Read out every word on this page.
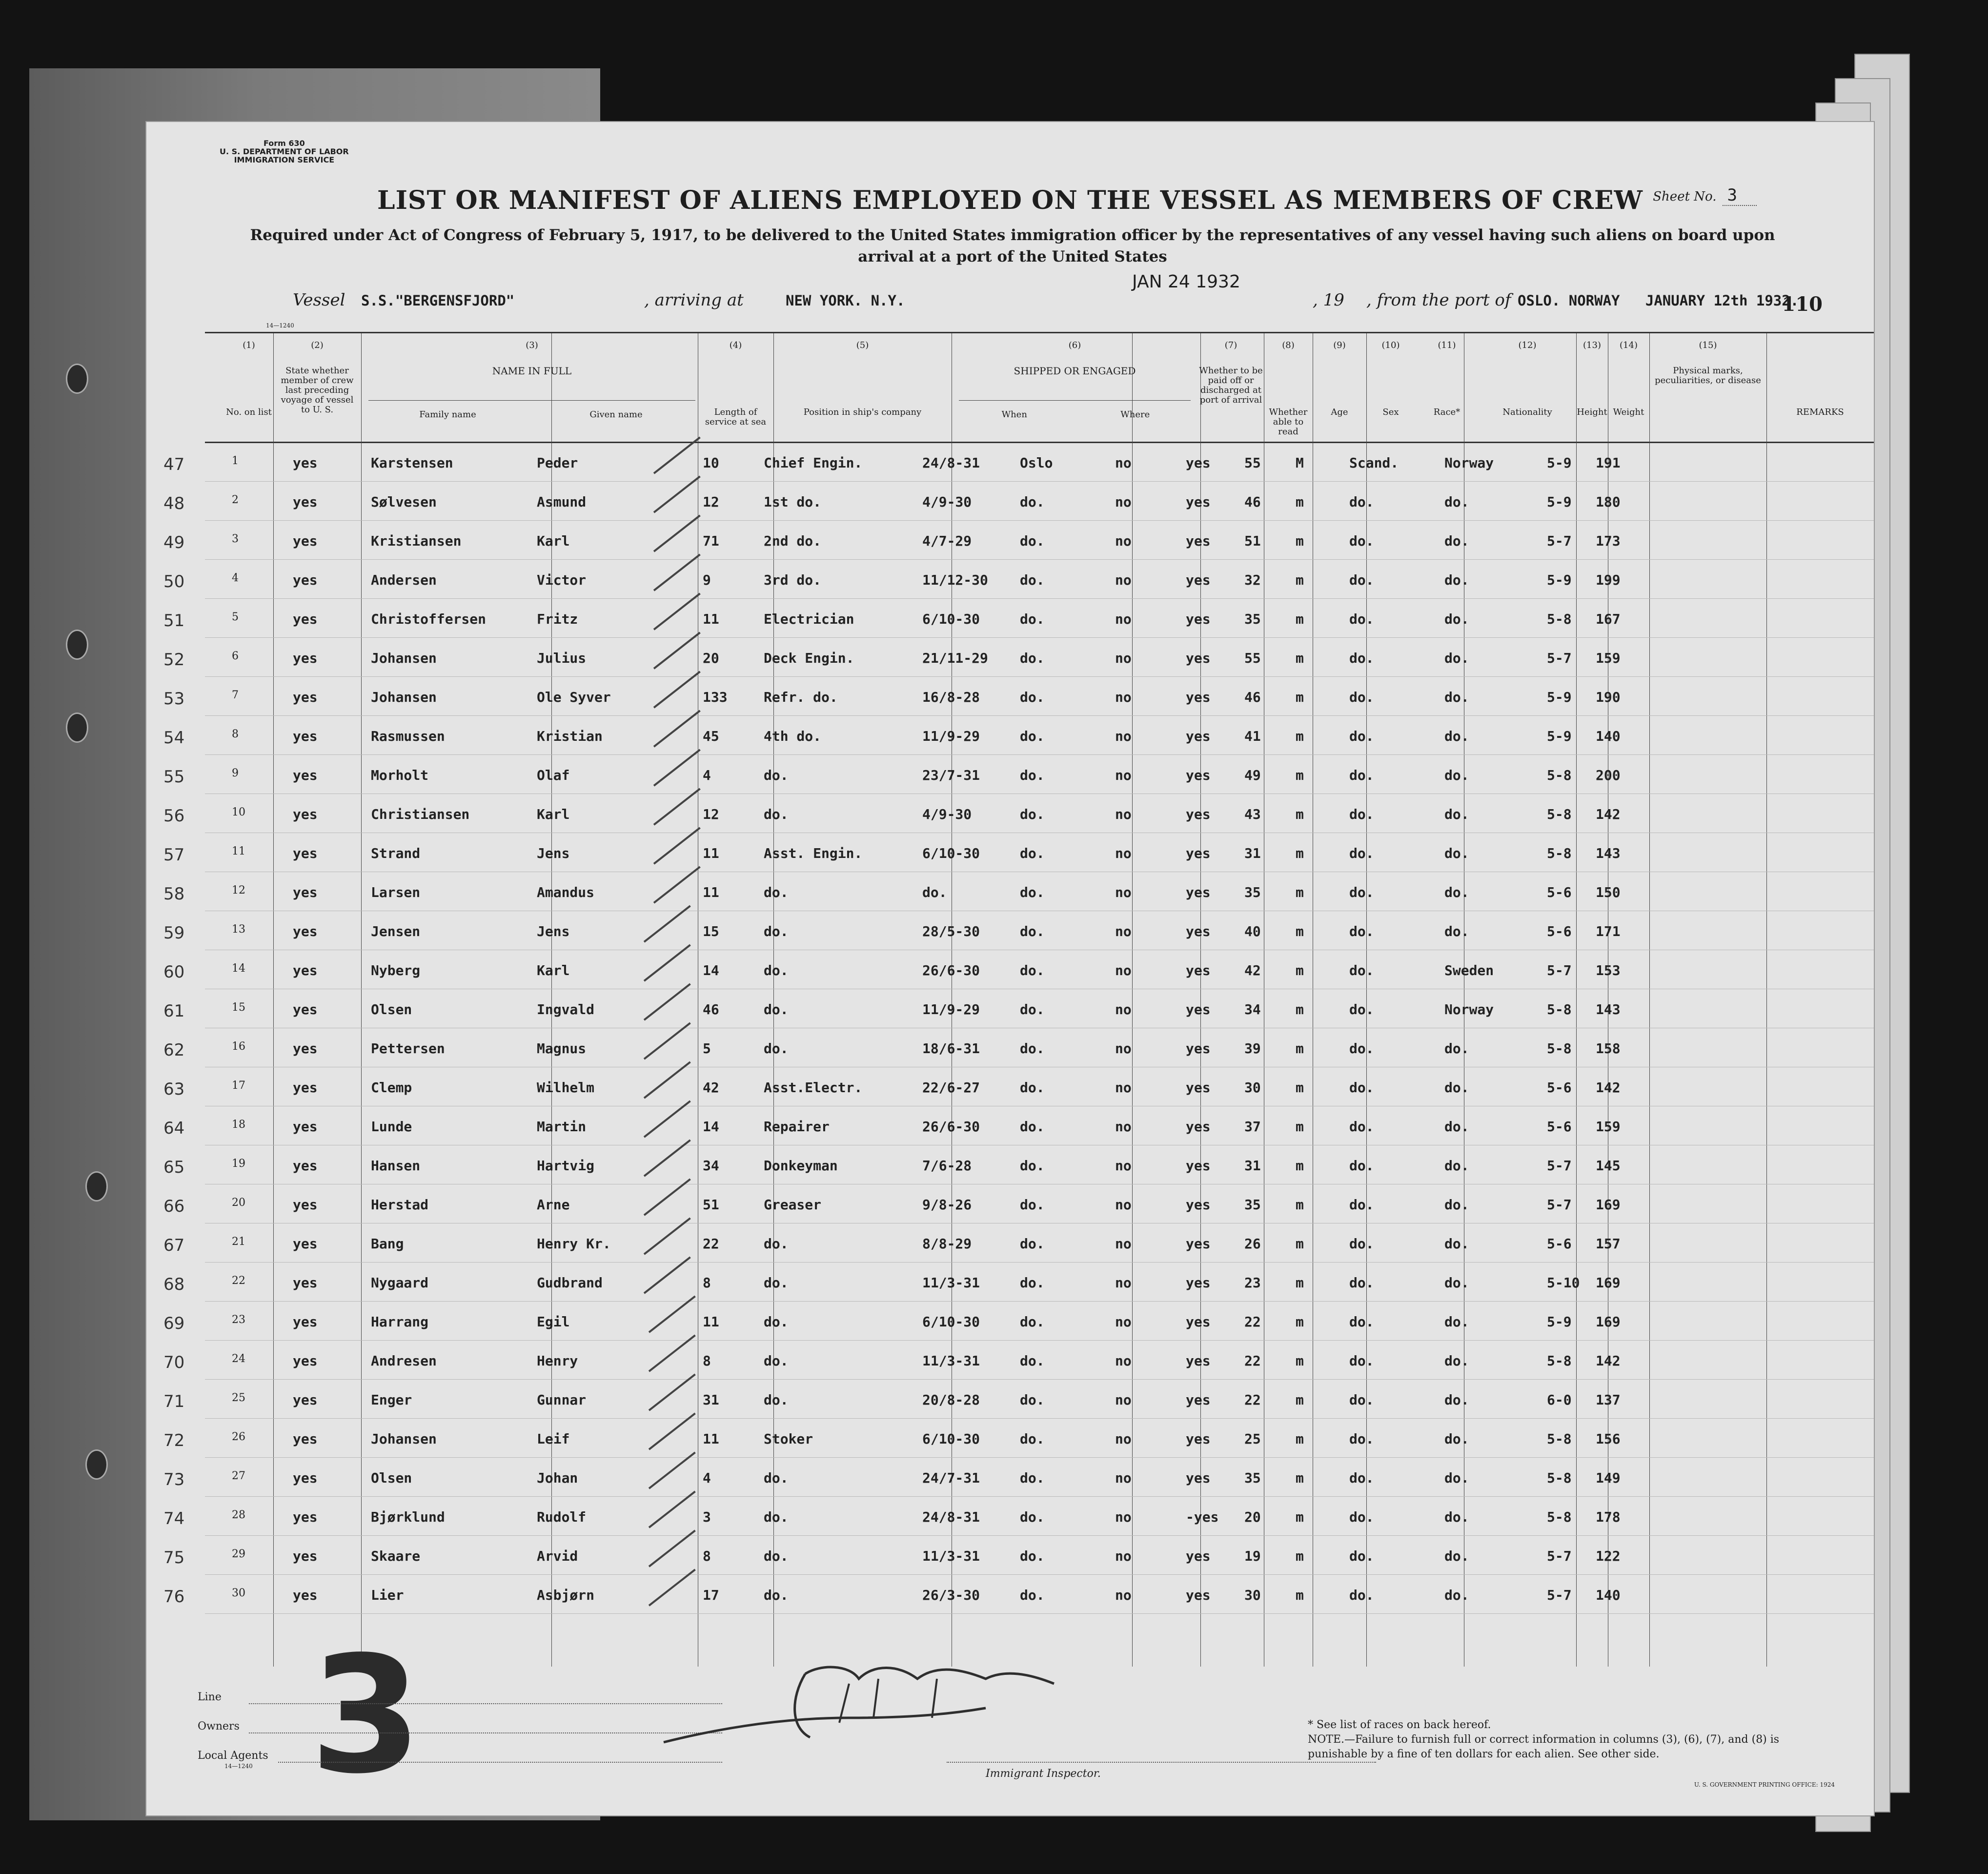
Form 630
U. S. DEPARTMENT OF LABOR
IMMIGRATION SERVICE
Sheet No. 3
LIST OR MANIFEST OF ALIENS EMPLOYED ON THE VESSEL AS MEMBERS OF CREW
Required under Act of Congress of February 5, 1917, to be delivered to the United States immigration officer by the representatives of any vessel having such aliens on board upon arrival at a port of the United States
Vessel S.S."BERGENSFJORD"	, arriving at	NEW YORK. N.Y.
JAN 24 1932
, 19 , from the port of OSLO. NORWAY   JANUARY 12th 1932.
14—1240
110
3
Line
Owners
Local Agents
14—1240
Immigrant Inspector.
* See list of races on back hereof.
NOTE.—Failure to furnish full or correct information in columns (3), (6), (7), and (8) is punishable by a fine of ten dollars for each alien. See other side.
U. S. GOVERNMENT PRINTING OFFICE: 1924
(1)
No. on list
(2)
State whether member of crew last preceding voyage of vessel to U. S.
(3)
NAME IN FULL
Family name	Given name
(4)
Length of service at sea
(5)
Position in ship's company
(6)
SHIPPED OR ENGAGED
When	Where
(7)
Whether to be paid off or discharged at port of arrival
(8)
Whether able to read
(9)
Age
(10)
Sex
(11)
Race*
(12)
Nationality
(13)
Height
(14)
Weight
(15)
Physical marks, peculiarities, or disease
REMARKS
47	1	yes	Karstensen	Peder	10	Chief Engin.	24/8-31	Oslo	no	yes 55	M	Scand.	Norway	5-9 191
48	2	yes	Sølvesen	Asmund	12	1st do.	4/9-30	do.	no	yes 46	m	do.	do.	5-9 180
49	3	yes	Kristiansen	Karl	71	2nd do.	4/7-29	do.	no	yes 51	m	do.	do.	5-7 173
50	4	yes	Andersen	Victor	9	3rd do.	11/12-30 do.	no	yes 32	m	do.	do.	5-9 199
51	5	yes	Christoffersen	Fritz	11	Electrician	6/10-30	do.	no	yes 35	m	do.	do.	5-8 167
52	6	yes	Johansen	Julius	20	Deck Engin.	21/11-29 do.	no	yes 55	m	do.	do.	5-7 159
53	7	yes	Johansen	Ole Syver	133	Refr. do.	16/8-28	do.	no	yes 46	m	do.	do.	5-9 190
54	8	yes	Rasmussen	Kristian	45	4th do.	11/9-29	do.	no	yes 41	m	do.	do.	5-9 140
55	9	yes	Morholt	Olaf	4	do.	23/7-31	do.	no	yes 49	m	do.	do.	5-8 200
56	10	yes	Christiansen	Karl	12	do.	4/9-30	do.	no	yes 43	m	do.	do.	5-8 142
57	11	yes	Strand	Jens	11	Asst. Engin.	6/10-30	do.	no	yes 31	m	do.	do.	5-8 143
58	12	yes	Larsen	Amandus	11	do.	do.	do.	no	yes 35	m	do.	do.	5-6 150
59	13	yes	Jensen	Jens	15	do.	28/5-30	do.	no	yes 40	m	do.	do.	5-6 171
60	14	yes	Nyberg	Karl	14	do.	26/6-30	do.	no	yes 42	m	do.	Sweden	5-7 153
61	15	yes	Olsen	Ingvald	46	do.	11/9-29	do.	no	yes 34	m	do.	Norway	5-8 143
62	16	yes	Pettersen	Magnus	5	do.	18/6-31	do.	no	yes 39	m	do.	do.	5-8 158
63	17	yes	Clemp	Wilhelm	42	Asst.Electr.	22/6-27	do.	no	yes 30	m	do.	do.	5-6 142
64	18	yes	Lunde	Martin	14	Repairer	26/6-30	do.	no	yes 37	m	do.	do.	5-6 159
65	19	yes	Hansen	Hartvig	34	Donkeyman	7/6-28	do.	no	yes 31	m	do.	do.	5-7 145
66	20	yes	Herstad	Arne	51	Greaser	9/8-26	do.	no	yes 35	m	do.	do.	5-7 169
67	21	yes	Bang	Henry Kr.	22	do.	8/8-29	do.	no	yes 26	m	do.	do.	5-6 157
68	22	yes	Nygaard	Gudbrand	8	do.	11/3-31	do.	no	yes 23	m	do.	do.	5-10 169
69	23	yes	Harrang	Egil	11	do.	6/10-30	do.	no	yes 22	m	do.	do.	5-9 169
70	24	yes	Andresen	Henry	8	do.	11/3-31	do.	no	yes 22	m	do.	do.	5-8 142
71	25	yes	Enger	Gunnar	31	do.	20/8-28	do.	no	yes 22	m	do.	do.	6-0 137
72	26	yes	Johansen	Leif	11	Stoker	6/10-30	do.	no	yes 25	m	do.	do.	5-8 156
73	27	yes	Olsen	Johan	4	do.	24/7-31	do.	no	yes 35	m	do.	do.	5-8 149
74	28	yes	Bjørklund	Rudolf	3	do.	24/8-31	do.	no	-yes 20	m	do.	do.	5-8 178
75	29	yes	Skaare	Arvid	8	do.	11/3-31	do.	no	yes 19	m	do.	do.	5-7 122
76	30	yes	Lier	Asbjørn	17	do.	26/3-30	do.	no	yes 30	m	do.	do.	5-7 140
